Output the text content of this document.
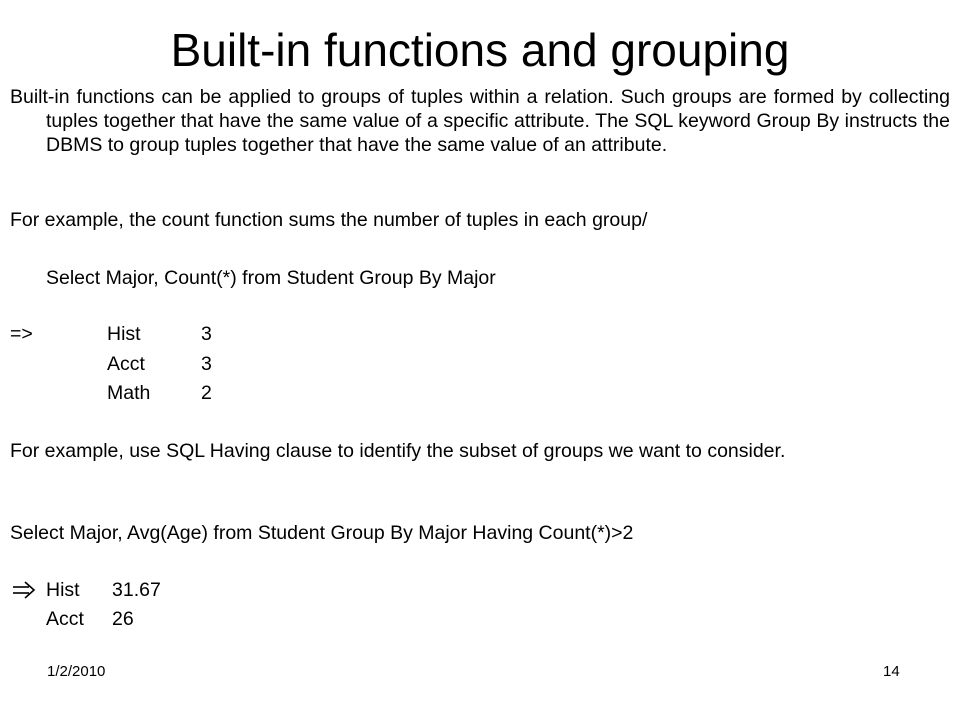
Built-in functions and grouping
Built-in functions can be applied to groups of tuples within a relation. Such groups are formed by collecting tuples together that have the same value of a specific attribute. The SQL keyword Group By instructs the DBMS to group tuples together that have the same value of an attribute.
For example, the count function sums the number of tuples in each group/
Select Major, Count(*) from Student Group By Major
=>	Hist	3
Acct	3
Math	2
For example, use SQL Having clause to identify the subset of groups we want to consider.
Select Major, Avg(Age) from Student Group By Major Having Count(*)>2
Hist 31.67
Acct 26
1/2/2010	14
